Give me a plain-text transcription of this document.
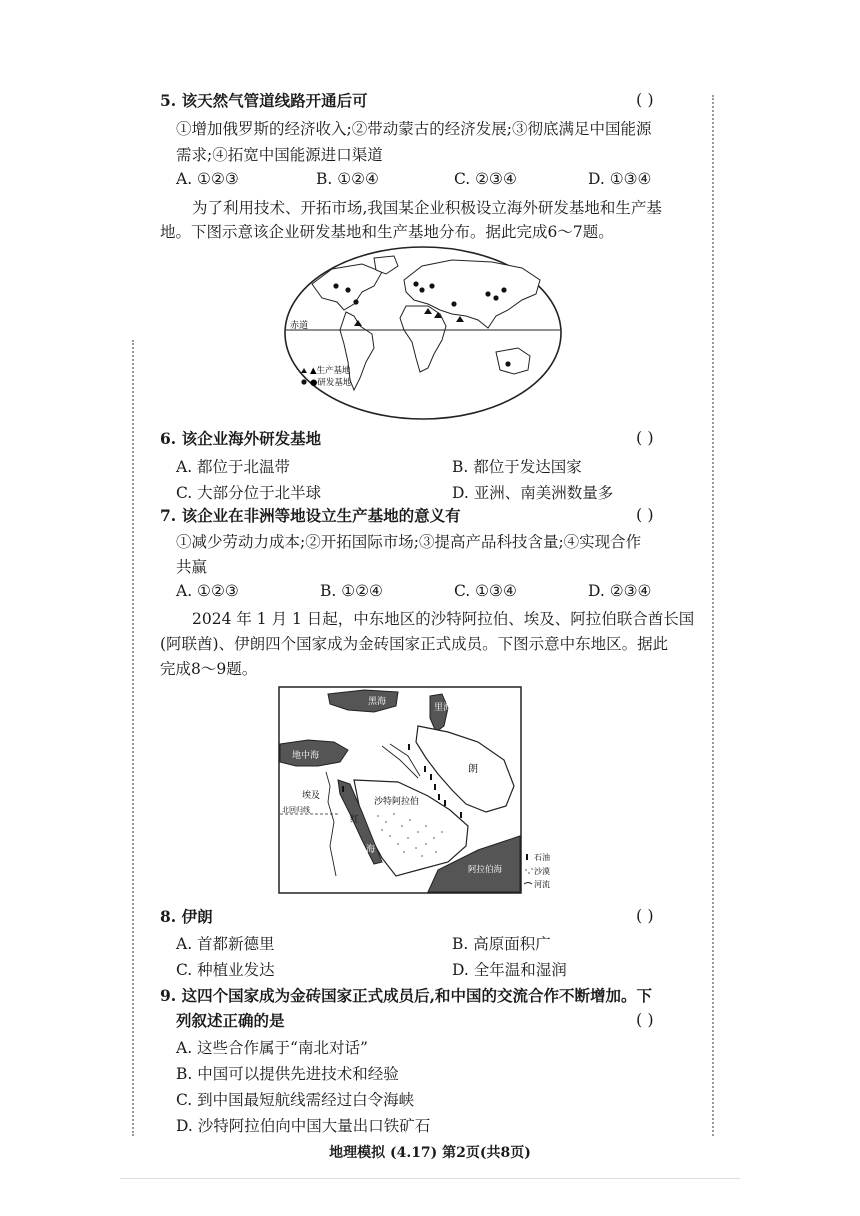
5. 该天然气管道线路开通后可	( )
①增加俄罗斯的经济收入;②带动蒙古的经济发展;③彻底满足中国能源
需求;④拓宽中国能源进口渠道
A. ①②③	B. ①②④	C. ②③④	D. ①③④
为了利用技术、开拓市场,我国某企业积极设立海外研发基地和生产基
地。下图示意该企业研发基地和生产基地分布。据此完成6～7题。
赤道
▲生产基地
●研发基地
6. 该企业海外研发基地	( )
A. 都位于北温带	B. 都位于发达国家
C. 大部分位于北半球	D. 亚洲、南美洲数量多
7. 该企业在非洲等地设立生产基地的意义有	( )
①减少劳动力成本;②开拓国际市场;③提高产品科技含量;④实现合作
共赢
A. ①②③	B. ①②④	C. ①③④	D. ②③④
2024 年 1 月 1 日起，中东地区的沙特阿拉伯、埃及、阿拉伯联合酋长国
(阿联酋)、伊朗四个国家成为金砖国家正式成员。下图示意中东地区。据此
完成8～9题。
黑海
里海
地中海
朗
沙特阿拉伯
红
海
阿拉伯海
埃及
北回归线
石油
沙漠
河流
8. 伊朗	( )
A. 首都新德里	B. 高原面积广
C. 种植业发达	D. 全年温和湿润
9. 这四个国家成为金砖国家正式成员后,和中国的交流合作不断增加。下
列叙述正确的是	( )
A. 这些合作属于“南北对话”
B. 中国可以提供先进技术和经验
C. 到中国最短航线需经过白令海峡
D. 沙特阿拉伯向中国大量出口铁矿石
地理模拟 (4.17) 第2页(共8页)
